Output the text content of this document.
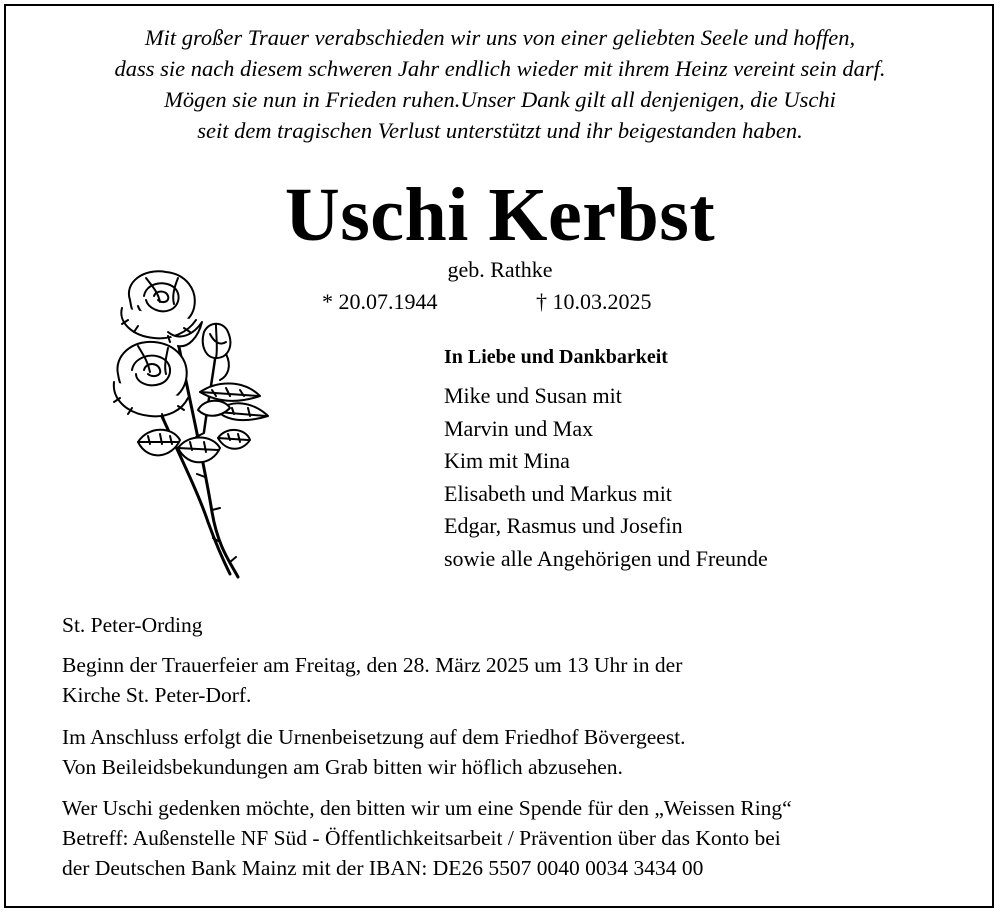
Mit großer Trauer verabschieden wir uns von einer geliebten Seele und hoffen,
dass sie nach diesem schweren Jahr endlich wieder mit ihrem Heinz vereint sein darf.
Mögen sie nun in Frieden ruhen.Unser Dank gilt all denjenigen, die Uschi
seit dem tragischen Verlust unterstützt und ihr beigestanden haben.
Uschi Kerbst
geb. Rathke
* 20.07.1944	† 10.03.2025
In Liebe und Dankbarkeit
Mike und Susan mit
Marvin und Max
Kim mit Mina
Elisabeth und Markus mit
Edgar, Rasmus und Josefin
sowie alle Angehörigen und Freunde
St. Peter-Ording
Beginn der Trauerfeier am Freitag, den 28. März 2025 um 13 Uhr in der
Kirche St. Peter-Dorf.
Im Anschluss erfolgt die Urnenbeisetzung auf dem Friedhof Bövergeest.
Von Beileidsbekundungen am Grab bitten wir höflich abzusehen.
Wer Uschi gedenken möchte, den bitten wir um eine Spende für den „Weissen Ring“
Betreff: Außenstelle NF Süd - Öffentlichkeitsarbeit / Prävention über das Konto bei
der Deutschen Bank Mainz mit der IBAN: DE26 5507 0040 0034 3434 00
